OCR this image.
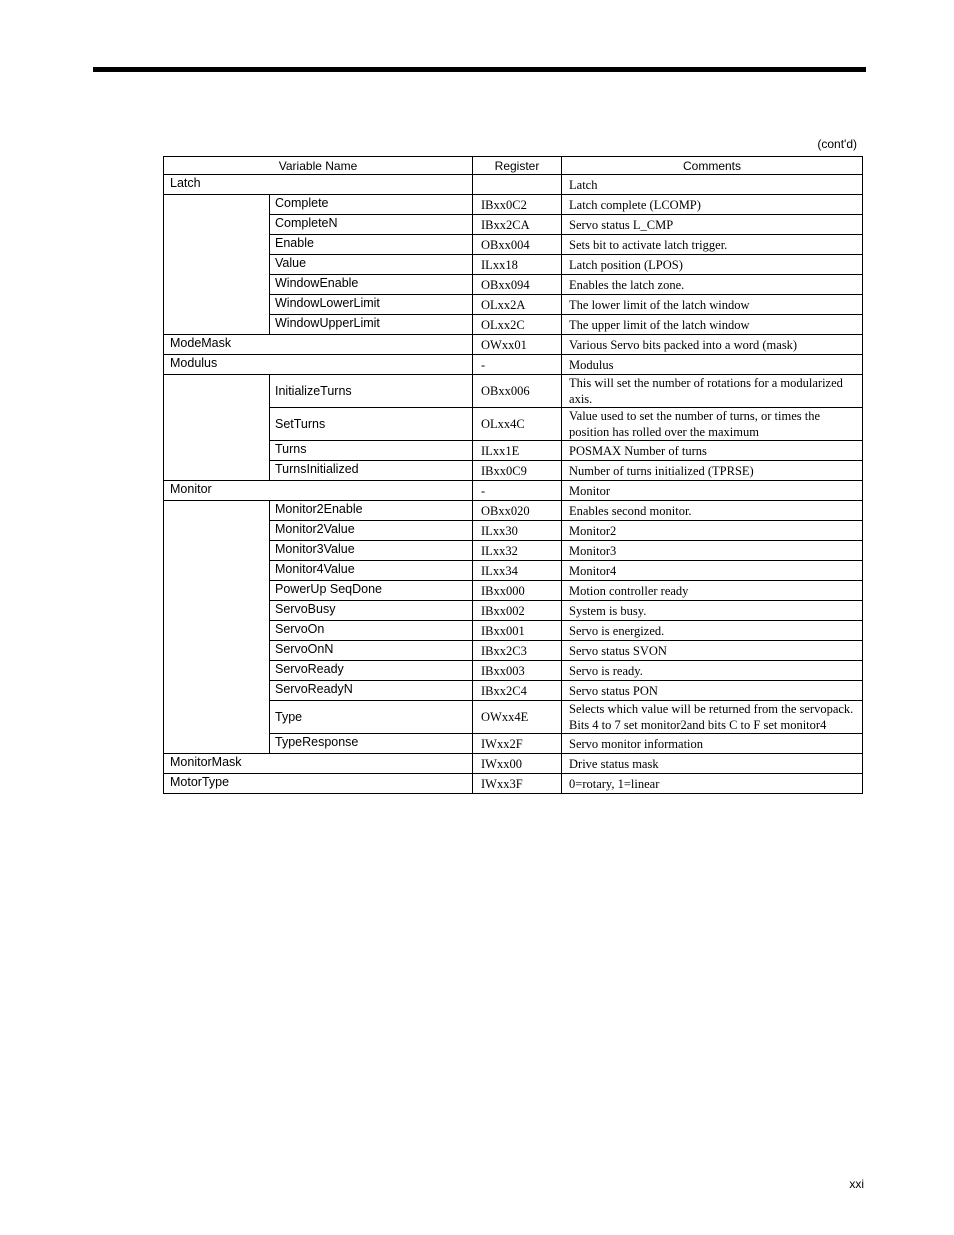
(cont'd)
Variable Name		Register	Comments
Latch			Latch
	Complete	IBxx0C2	Latch complete (LCOMP)
	CompleteN	IBxx2CA	Servo status L_CMP
	Enable	OBxx004	Sets bit to activate latch trigger.
	Value	ILxx18	Latch position (LPOS)
	WindowEnable	OBxx094	Enables the latch zone.
	WindowLowerLimit	OLxx2A	The lower limit of the latch window
	WindowUpperLimit	OLxx2C	The upper limit of the latch window
ModeMask		OWxx01	Various Servo bits packed into a word (mask)
Modulus		-	Modulus
	InitializeTurns	OBxx006	This will set the number of rotations for a modularized axis.
	SetTurns	OLxx4C	Value used to set the number of turns, or times the position has rolled over the maximum
	Turns	ILxx1E	POSMAX Number of turns
	TurnsInitialized	IBxx0C9	Number of turns initialized (TPRSE)
Monitor		-	Monitor
	Monitor2Enable	OBxx020	Enables second monitor.
	Monitor2Value	ILxx30	Monitor2
	Monitor3Value	ILxx32	Monitor3
	Monitor4Value	ILxx34	Monitor4
	PowerUp SeqDone	IBxx000	Motion controller ready
	ServoBusy	IBxx002	System is busy.
	ServoOn	IBxx001	Servo is energized.
	ServoOnN	IBxx2C3	Servo status SVON
	ServoReady	IBxx003	Servo is ready.
	ServoReadyN	IBxx2C4	Servo status PON
	Type	OWxx4E	Selects which value will be returned from the servopack. Bits 4 to 7 set monitor2and bits C to F set monitor4
	TypeResponse	IWxx2F	Servo monitor information
MonitorMask		IWxx00	Drive status mask
MotorType		IWxx3F	0=rotary, 1=linear
xxi
